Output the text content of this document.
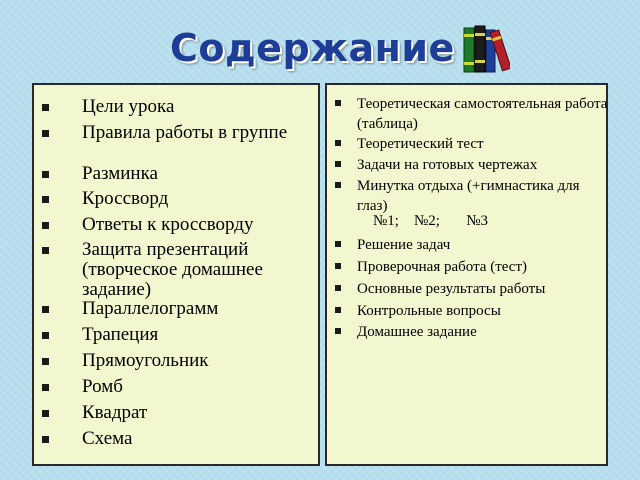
Содержание
Цели урока
Правила работы в группе
Разминка
Кроссворд
Ответы к кроссворду
Защита презентаций (творческое домашнее задание)
Параллелограмм
Трапеция
Прямоугольник
Ромб
Квадрат
Схема
Теоретическая самостоятельная работа (таблица)
Теоретический тест
Задачи на готовых чертежах
Минутка отдыха (+гимнастика для глаз)
Решение задач
Проверочная работа (тест)
Основные результаты работы
Контрольные вопросы
Домашнее задание
№1;    №2;       №3
